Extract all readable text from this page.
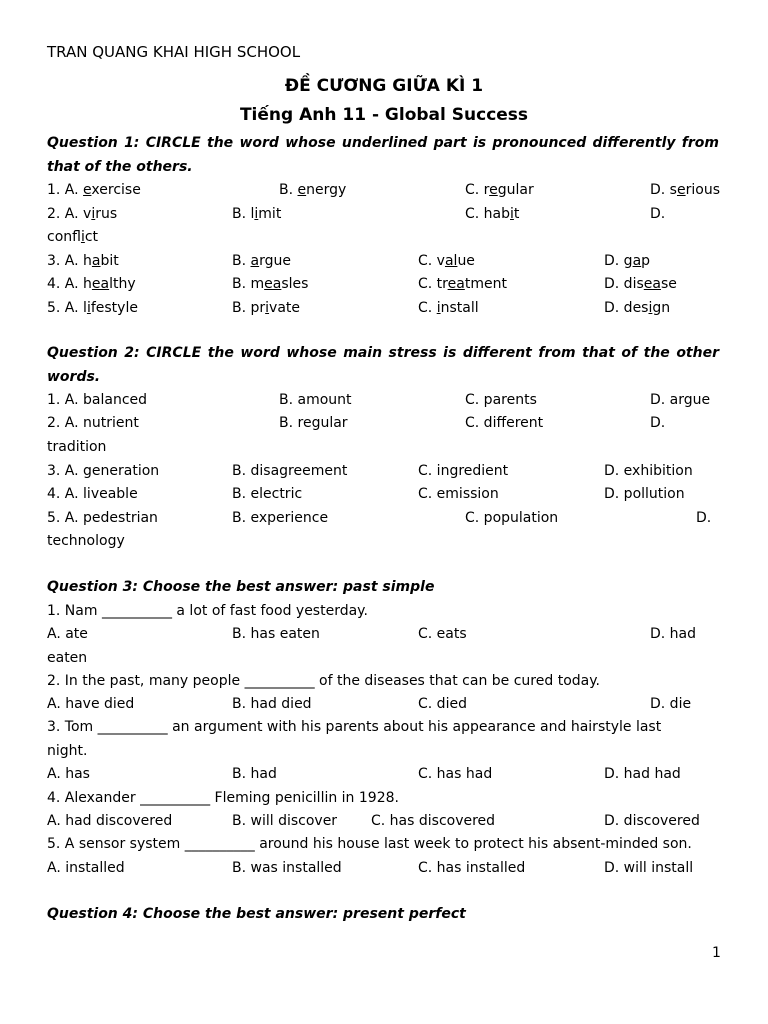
TRAN QUANG KHAI HIGH SCHOOL
ĐỀ CƯƠNG GIỮA KÌ 1
Tiếng Anh 11 - Global Success
Question 1: CIRCLE the word whose underlined part is pronounced differently from
that of the others.
1. A. exercise	B. energy	C. regular	D. serious
2. A. virus	B. limit	C. habit	D.
conflict
3. A. habit	B. argue	C. value	D. gap
4. A. healthy	B. measles	C. treatment	D. disease
5. A. lifestyle	B. private	C. install	D. design
Question 2: CIRCLE the word whose main stress is different from that of the other
words.
1. A. balanced	B. amount	C. parents	D. argue
2. A. nutrient	B. regular	C. different	D.
tradition
3. A. generation	B. disagreement	C. ingredient	D. exhibition
4. A. liveable	B. electric	C. emission	D. pollution
5. A. pedestrian	B. experience	C. population	D.
technology
Question 3: Choose the best answer: past simple
1. Nam __________ a lot of fast food yesterday.
A. ate	B. has eaten	C. eats	D. had
eaten
2. In the past, many people __________ of the diseases that can be cured today.
A. have died	B. had died	C. died	D. die
3. Tom __________ an argument with his parents about his appearance and hairstyle last
night.
A. has	B. had	C. has had	D. had had
4. Alexander __________ Fleming penicillin in 1928.
A. had discovered	B. will discover C. has discovered	D. discovered
5. A sensor system __________ around his house last week to protect his absent-minded son.
A. installed	B. was installed	C. has installed	D. will install
Question 4: Choose the best answer: present perfect
1
